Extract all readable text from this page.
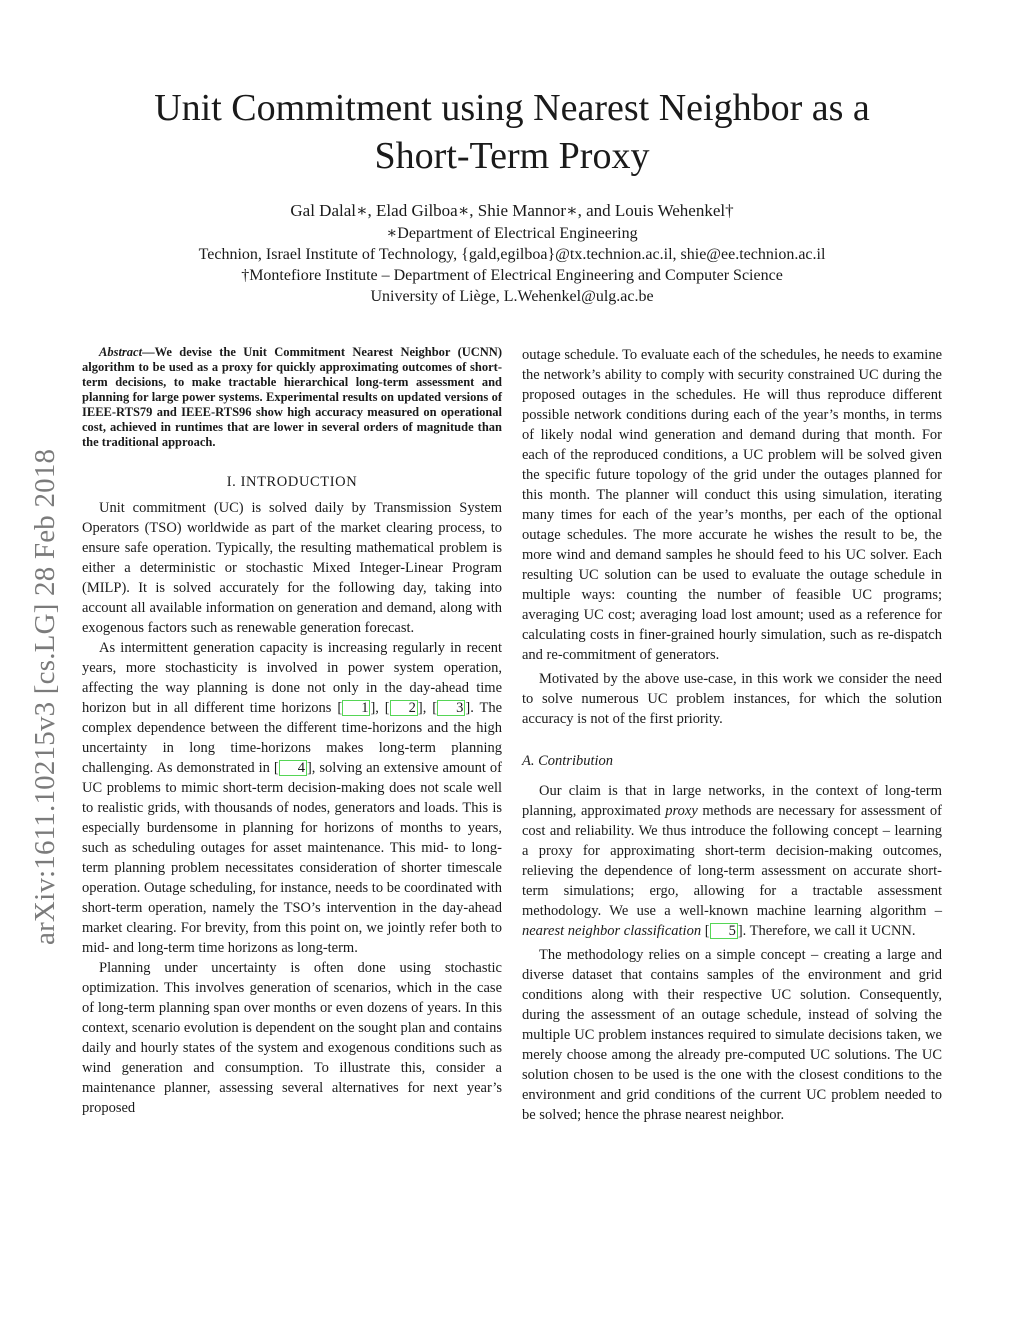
Unit Commitment using Nearest Neighbor as a
Short-Term Proxy
Gal Dalal∗, Elad Gilboa∗, Shie Mannor∗, and Louis Wehenkel†
∗Department of Electrical Engineering
Technion, Israel Institute of Technology, {gald,egilboa}@tx.technion.ac.il, shie@ee.technion.ac.il
†Montefiore Institute – Department of Electrical Engineering and Computer Science
University of Liège, L.Wehenkel@ulg.ac.be
arXiv:1611.10215v3 [cs.LG] 28 Feb 2018

Abstract—We devise the Unit Commitment Nearest Neighbor (UCNN) algorithm to be used as a proxy for quickly approximating outcomes of short-term decisions, to make tractable hierarchical long-term assessment and planning for large power systems. Experimental results on updated versions of IEEE-RTS79 and IEEE-RTS96 show high accuracy measured on operational cost, achieved in runtimes that are lower in several orders of magnitude than the traditional approach.

I. INTRODUCTION

Unit commitment (UC) is solved daily by Transmission System Operators (TSO) worldwide as part of the market clearing process, to ensure safe operation. Typically, the resulting mathematical problem is either a deterministic or stochastic Mixed Integer-Linear Program (MILP). It is solved accurately for the following day, taking into account all available information on generation and demand, along with exogenous factors such as renewable generation forecast.

As intermittent generation capacity is increasing regularly in recent years, more stochasticity is involved in power system operation, affecting the way planning is done not only in the day-ahead time horizon but in all different time horizons [ 1 ], [ 2 ], [ 3 ]. The complex dependence between the different time-horizons and the high uncertainty in long time-horizons makes long-term planning challenging. As demonstrated in [ 4 ], solving an extensive amount of UC problems to mimic short-term decision-making does not scale well to realistic grids, with thousands of nodes, generators and loads. This is especially burdensome in planning for horizons of months to years, such as scheduling outages for asset maintenance. This mid- to long-term planning problem necessitates consideration of shorter timescale operation. Outage scheduling, for instance, needs to be coordinated with short-term operation, namely the TSO’s intervention in the day-ahead market clearing. For brevity, from this point on, we jointly refer both to mid- and long-term time horizons as long-term.

Planning under uncertainty is often done using stochastic optimization. This involves generation of scenarios, which in the case of long-term planning span over months or even dozens of years. In this context, scenario evolution is dependent on the sought plan and contains daily and hourly states of the system and exogenous conditions such as wind generation and consumption. To illustrate this, consider a maintenance planner, assessing several alternatives for next year’s proposed

outage schedule. To evaluate each of the schedules, he needs to examine the network’s ability to comply with security constrained UC during the proposed outages in the schedules. He will thus reproduce different possible network conditions during each of the year’s months, in terms of likely nodal wind generation and demand during that month. For each of the reproduced conditions, a UC problem will be solved given the specific future topology of the grid under the outages planned for this month. The planner will conduct this using simulation, iterating many times for each of the year’s months, per each of the optional outage schedules. The more accurate he wishes the result to be, the more wind and demand samples he should feed to his UC solver. Each resulting UC solution can be used to evaluate the outage schedule in multiple ways: counting the number of feasible UC programs; averaging UC cost; averaging load lost amount; used as a reference for calculating costs in finer-grained hourly simulation, such as re-dispatch and re-commitment of generators.

Motivated by the above use-case, in this work we consider the need to solve numerous UC problem instances, for which the solution accuracy is not of the first priority.

A. Contribution

Our claim is that in large networks, in the context of long-term planning, approximated proxy methods are necessary for assessment of cost and reliability. We thus introduce the following concept – learning a proxy for approximating short-term decision-making outcomes, relieving the dependence of long-term assessment on accurate short-term simulations; ergo, allowing for a tractable assessment methodology. We use a well-known machine learning algorithm – nearest neighbor classification [ 5 ]. Therefore, we call it UCNN.

The methodology relies on a simple concept – creating a large and diverse dataset that contains samples of the environment and grid conditions along with their respective UC solution. Consequently, during the assessment of an outage schedule, instead of solving the multiple UC problem instances required to simulate decisions taken, we merely choose among the already pre-computed UC solutions. The UC solution chosen to be used is the one with the closest conditions to the environment and grid conditions of the current UC problem needed to be solved; hence the phrase nearest neighbor.
